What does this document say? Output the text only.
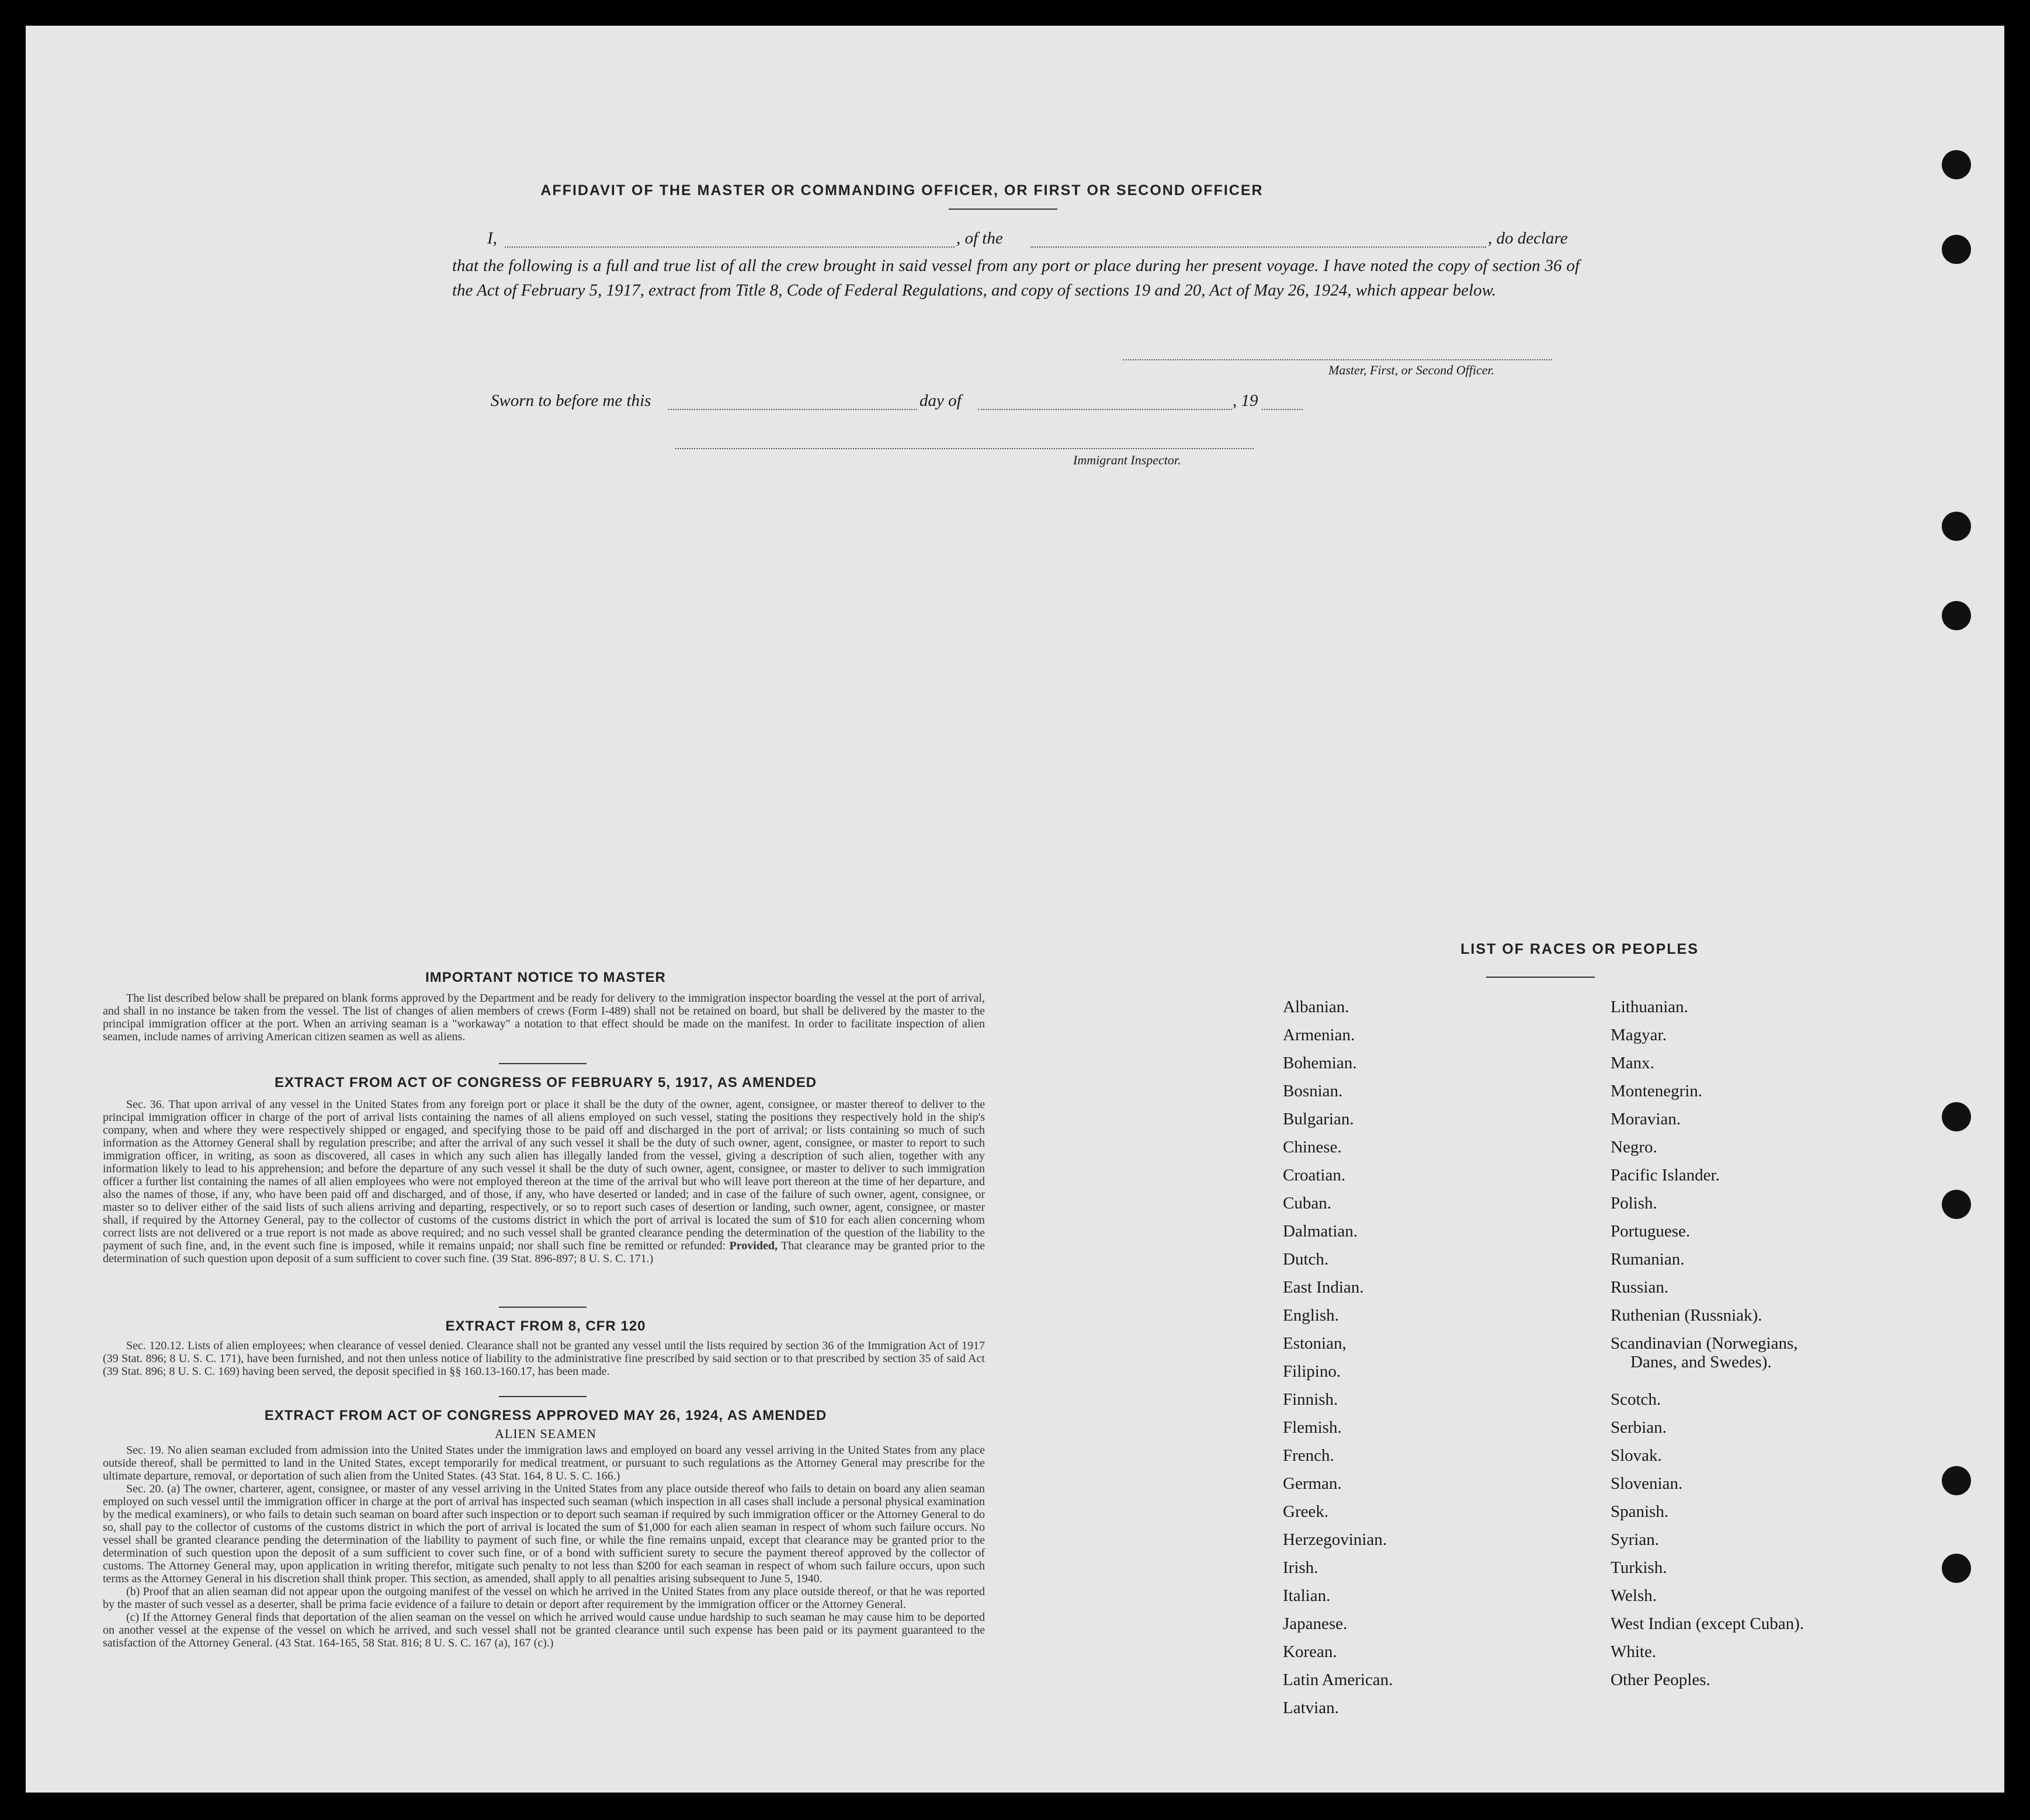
AFFIDAVIT OF THE MASTER OR COMMANDING OFFICER, OR FIRST OR SECOND OFFICER
I,	, of the	, do declare
that the following is a full and true list of all the crew brought in said vessel from any port or place during her present voyage. I have noted the copy of section 36 of the Act of February 5, 1917, extract from Title 8, Code of Federal Regulations, and copy of sections 19 and 20, Act of May 26, 1924, which appear below.
Master, First, or Second Officer.
Sworn to before me this	day of	, 19
Immigrant Inspector.
IMPORTANT NOTICE TO MASTER
The list described below shall be prepared on blank forms approved by the Department and be ready for delivery to the immigration inspector boarding the vessel at the port of arrival, and shall in no instance be taken from the vessel. The list of changes of alien members of crews (Form I-489) shall not be retained on board, but shall be delivered by the master to the principal immigration officer at the port. When an arriving seaman is a "workaway" a notation to that effect should be made on the manifest. In order to facilitate inspection of alien seamen, include names of arriving American citizen seamen as well as aliens.
EXTRACT FROM ACT OF CONGRESS OF FEBRUARY 5, 1917, AS AMENDED
Sec. 36. That upon arrival of any vessel in the United States from any foreign port or place it shall be the duty of the owner, agent, consignee, or master thereof to deliver to the principal immigration officer in charge of the port of arrival lists containing the names of all aliens employed on such vessel, stating the positions they respectively hold in the ship's company, when and where they were respectively shipped or engaged, and specifying those to be paid off and discharged in the port of arrival; or lists containing so much of such information as the Attorney General shall by regulation prescribe; and after the arrival of any such vessel it shall be the duty of such owner, agent, consignee, or master to report to such immigration officer, in writing, as soon as discovered, all cases in which any such alien has illegally landed from the vessel, giving a description of such alien, together with any information likely to lead to his apprehension; and before the departure of any such vessel it shall be the duty of such owner, agent, consignee, or master to deliver to such immigration officer a further list containing the names of all alien employees who were not employed thereon at the time of the arrival but who will leave port thereon at the time of her departure, and also the names of those, if any, who have been paid off and discharged, and of those, if any, who have deserted or landed; and in case of the failure of such owner, agent, consignee, or master so to deliver either of the said lists of such aliens arriving and departing, respectively, or so to report such cases of desertion or landing, such owner, agent, consignee, or master shall, if required by the Attorney General, pay to the collector of customs of the customs district in which the port of arrival is located the sum of $10 for each alien concerning whom correct lists are not delivered or a true report is not made as above required; and no such vessel shall be granted clearance pending the determination of the question of the liability to the payment of such fine, and, in the event such fine is imposed, while it remains unpaid; nor shall such fine be remitted or refunded: Provided, That clearance may be granted prior to the determination of such question upon deposit of a sum sufficient to cover such fine. (39 Stat. 896-897; 8 U. S. C. 171.)
EXTRACT FROM 8, CFR 120
Sec. 120.12. Lists of alien employees; when clearance of vessel denied. Clearance shall not be granted any vessel until the lists required by section 36 of the Immigration Act of 1917 (39 Stat. 896; 8 U. S. C. 171), have been furnished, and not then unless notice of liability to the administrative fine prescribed by said section or to that prescribed by section 35 of said Act (39 Stat. 896; 8 U. S. C. 169) having been served, the deposit specified in §§ 160.13-160.17, has been made.
EXTRACT FROM ACT OF CONGRESS APPROVED MAY 26, 1924, AS AMENDED
ALIEN SEAMEN
Sec. 19. No alien seaman excluded from admission into the United States under the immigration laws and employed on board any vessel arriving in the United States from any place outside thereof, shall be permitted to land in the United States, except temporarily for medical treatment, or pursuant to such regulations as the Attorney General may prescribe for the ultimate departure, removal, or deportation of such alien from the United States. (43 Stat. 164, 8 U. S. C. 166.)
Sec. 20. (a) The owner, charterer, agent, consignee, or master of any vessel arriving in the United States from any place outside thereof who fails to detain on board any alien seaman employed on such vessel until the immigration officer in charge at the port of arrival has inspected such seaman (which inspection in all cases shall include a personal physical examination by the medical examiners), or who fails to detain such seaman on board after such inspection or to deport such seaman if required by such immigration officer or the Attorney General to do so, shall pay to the collector of customs of the customs district in which the port of arrival is located the sum of $1,000 for each alien seaman in respect of whom such failure occurs. No vessel shall be granted clearance pending the determination of the liability to payment of such fine, or while the fine remains unpaid, except that clearance may be granted prior to the determination of such question upon the deposit of a sum sufficient to cover such fine, or of a bond with sufficient surety to secure the payment thereof approved by the collector of customs. The Attorney General may, upon application in writing therefor, mitigate such penalty to not less than $200 for each seaman in respect of whom such failure occurs, upon such terms as the Attorney General in his discretion shall think proper. This section, as amended, shall apply to all penalties arising subsequent to June 5, 1940.
(b) Proof that an alien seaman did not appear upon the outgoing manifest of the vessel on which he arrived in the United States from any place outside thereof, or that he was reported by the master of such vessel as a deserter, shall be prima facie evidence of a failure to detain or deport after requirement by the immigration officer or the Attorney General.
(c) If the Attorney General finds that deportation of the alien seaman on the vessel on which he arrived would cause undue hardship to such seaman he may cause him to be deported on another vessel at the expense of the vessel on which he arrived, and such vessel shall not be granted clearance until such expense has been paid or its payment guaranteed to the satisfaction of the Attorney General. (43 Stat. 164-165, 58 Stat. 816; 8 U. S. C. 167 (a), 167 (c).)
LIST OF RACES OR PEOPLES
Albanian.
Armenian.
Bohemian.
Bosnian.
Bulgarian.
Chinese.
Croatian.
Cuban.
Dalmatian.
Dutch.
East Indian.
English.
Estonian,
Filipino.
Finnish.
Flemish.
French.
German.
Greek.
Herzegovinian.
Irish.
Italian.
Japanese.
Korean.
Latin American.
Latvian.
Lithuanian.
Magyar.
Manx.
Montenegrin.
Moravian.
Negro.
Pacific Islander.
Polish.
Portuguese.
Rumanian.
Russian.
Ruthenian (Russniak).
Scandinavian (Norwegians,
Danes, and Swedes).
Scotch.
Serbian.
Slovak.
Slovenian.
Spanish.
Syrian.
Turkish.
Welsh.
West Indian (except Cuban).
White.
Other Peoples.
